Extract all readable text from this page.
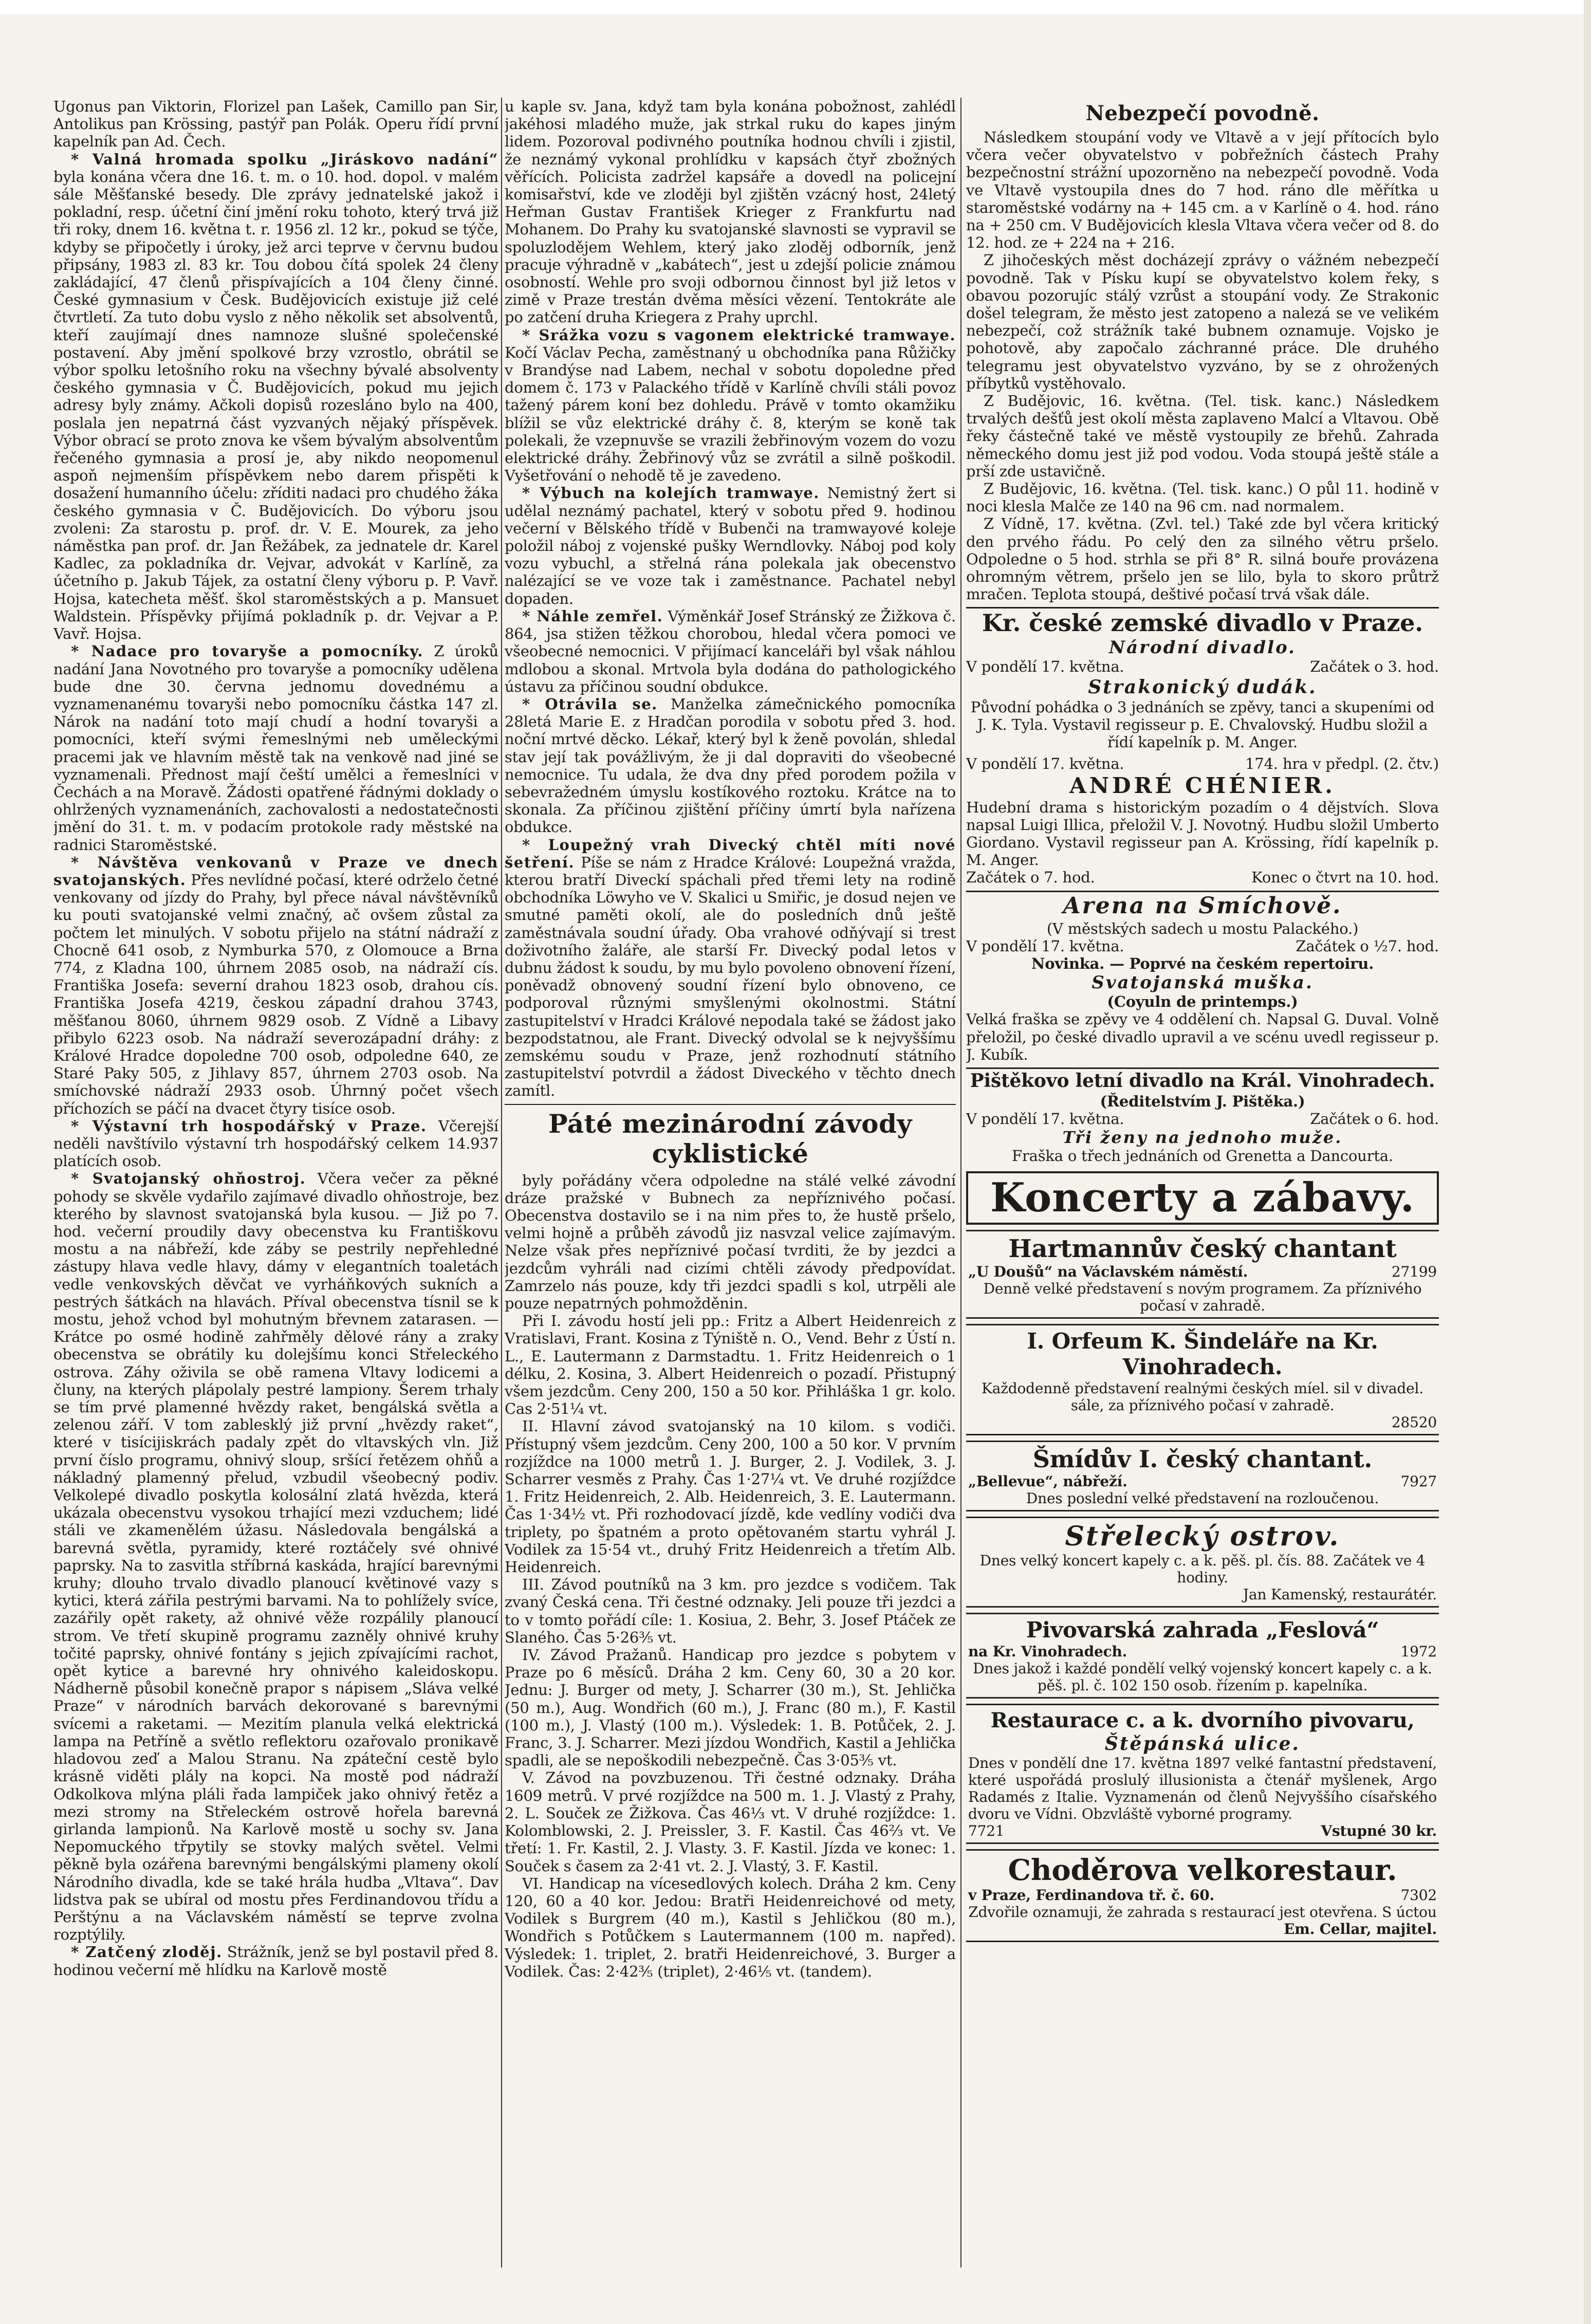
Ugonus pan Viktorin, Florizel pan Lašek, Camillo pan Sir, Antolikus pan Krössing, pastýř pan Polák. Operu řídí první kapelník pan Ad. Čech.

* Valná hromada spolku „Jiráskovo nadání“ byla konána včera dne 16. t. m. o 10. hod. dopol. v malém sále Měšťanské besedy. Dle zprávy jednatelské jakož i pokladní, resp. účetní činí jmění roku tohoto, který trvá již tři roky, dnem 16. května t. r. 1956 zl. 12 kr., pokud se týče, kdyby se připočetly i úroky, jež arci teprve v červnu budou připsány, 1983 zl. 83 kr. Tou dobou čítá spolek 24 členy zakládající, 47 členů přispívajících a 104 členy činné. České gymnasium v Česk. Budějovicích existuje již celé čtvrtletí. Za tuto dobu vyslo z něho několik set absolventů, kteří zaujímají dnes namnoze slušné společenské postavení. Aby jmění spolkové brzy vzrostlo, obrátil se výbor spolku letošního roku na všechny bývalé absolventy českého gymnasia v Č. Budějovicích, pokud mu jejich adresy byly známy. Ačkoli dopisů rozesláno bylo na 400, poslala jen nepatrná část vyzvaných nějaký příspěvek. Výbor obrací se proto znova ke všem bývalým absolventům řečeného gymnasia a prosí je, aby nikdo neopomenul aspoň nejmenším příspěvkem nebo darem přispěti k dosažení humanního účelu: zříditi nadaci pro chudého žáka českého gymnasia v Č. Budějovicích. Do výboru jsou zvoleni: Za starostu p. prof. dr. V. E. Mourek, za jeho náměstka pan prof. dr. Jan Řežábek, za jednatele dr. Karel Kadlec, za pokladníka dr. Vejvar, advokát v Karlíně, za účetního p. Jakub Tájek, za ostatní členy výboru p. P. Vavř. Hojsa, katecheta měšť. škol staroměstských a p. Mansuet Waldstein. Příspěvky přijímá pokladník p. dr. Vejvar a P. Vavř. Hojsa.

* Nadace pro tovaryše a pomocníky. Z úroků nadání Jana Novotného pro tovaryše a pomocníky udělena bude dne 30. června jednomu dovednému a vyznamenanému tovaryši nebo pomocníku částka 147 zl. Nárok na nadání toto mají chudí a hodní tovaryši a pomocníci, kteří svými řemeslnými neb uměleckými pracemi jak ve hlavním městě tak na venkově nad jiné se vyznamenali. Přednost mají čeští umělci a řemeslníci v Čechách a na Moravě. Žádosti opatřené řádnými doklady o ohlržených vyznamenáních, zachovalosti a nedostatečnosti jmění do 31. t. m. v podacím protokole rady městské na radnici Staroměstské.

* Návštěva venkovanů v Praze ve dnech svatojanských. Přes nevlídné počasí, které održelo četné venkovany od jízdy do Prahy, byl přece nával návštěvníků ku pouti svatojanské velmi značný, ač ovšem zůstal za počtem let minulých. V sobotu přijelo na státní nádraží z Chocně 641 osob, z Nymburka 570, z Olomouce a Brna 774, z Kladna 100, úhrnem 2085 osob, na nádraží cís. Františka Josefa: severní drahou 1823 osob, drahou cís. Františka Josefa 4219, českou západní drahou 3743, měšťanou 8060, úhrnem 9829 osob. Z Vídně a Libavy přibylo 6223 osob. Na nádraží severozápadní dráhy: z Králové Hradce dopoledne 700 osob, odpoledne 640, ze Staré Paky 505, z Jihlavy 857, úhrnem 2703 osob. Na smíchovské nádraží 2933 osob. Úhrnný počet všech příchozích se páčí na dvacet čtyry tisíce osob.

* Výstavní trh hospodářský v Praze. Včerejší neděli navštívilo výstavní trh hospodářský celkem 14.937 platících osob.

* Svatojanský ohňostroj. Včera večer za pěkné pohody se skvěle vydařilo zajímavé divadlo ohňostroje, bez kterého by slavnost svatojanská byla kusou. — Již po 7. hod. večerní proudily davy obecenstva ku Františkovu mostu a na nábřeží, kde záby se pestrily nepřehledné zástupy hlava vedle hlavy, dámy v elegantních toaletách vedle venkovských děvčat ve vyrháňkových sukních a pestrých šátkách na hlavách. Příval obecenstva tísnil se k mostu, jehož vchod byl mohutným břevnem zatarasen. — Krátce po osmé hodině zahřměly dělové rány a zraky obecenstva se obrátily ku dolejšímu konci Střeleckého ostrova. Záhy oživila se obě ramena Vltavy lodicemi a čluny, na kterých plápolaly pestré lampiony. Šerem trhaly se tím prvé plamenné hvězdy raket, bengálská světla a zelenou září. V tom zablesklý již první „hvězdy raket“, které v tisícijiskrách padaly zpět do vltavských vln. Již první číslo programu, ohnivý sloup, sršící řetězem ohňů a nákladný plamenný přelud, vzbudil všeobecný podiv. Velkolepé divadlo poskytla kolosální zlatá hvězda, která ukázala obecenstvu vysokou trhající mezi vzduchem; lidé stáli ve zkamenělém úžasu. Následovala bengálská a barevná světla, pyramidy, které roztáčely své ohnivé paprsky. Na to zasvitla stříbrná kaskáda, hrající barevnými kruhy; dlouho trvalo divadlo planoucí květinové vazy s kytici, která zářila pestrými barvami. Na to pohlížely svíce, zazářily opět rakety, až ohnivé věže rozpálily planoucí strom. Ve třetí skupině programu zazněly ohnivé kruhy točité paprsky, ohnivé fontány s jejich zpívajícími rachot, opět kytice a barevné hry ohnivého kaleidoskopu. Nádherně působil konečně prapor s nápisem „Sláva velké Praze“ v národních barvách dekorované s barevnými svícemi a raketami. — Mezitím planula velká elektrická lampa na Petříně a světlo reflektoru ozařovalo pronikavě hladovou zeď a Malou Stranu. Na zpáteční cestě bylo krásně viděti plály na kopci. Na mostě pod nádraží Odkolkova mlýna pláli řada lampiček jako ohnivý řetěz a mezi stromy na Střeleckém ostrově hořela barevná girlanda lampionů. Na Karlově mostě u sochy sv. Jana Nepomuckého třpytily se stovky malých světel. Velmi pěkně byla ozářena barevnými bengálskými plameny okolí Národního divadla, kde se také hrála hudba „Vltava“. Dav lidstva pak se ubíral od mostu přes Ferdinandovou třídu a Perštýnu a na Václavském náměstí se teprve zvolna rozptýlily.

* Zatčený zloděj. Strážník, jenž se byl postavil před 8. hodinou večerní mě hlídku na Karlově mostě

u kaple sv. Jana, když tam byla konána pobožnost, zahlédl jakéhosi mladého muže, jak strkal ruku do kapes jiným lidem. Pozoroval podivného poutníka hodnou chvíli i zjistil, že neznámý vykonal prohlídku v kapsách čtyř zbožných věřících. Policista zadržel kapsáře a dovedl na policejní komisařství, kde ve zloději byl zjištěn vzácný host, 24letý Heřman Gustav František Krieger z Frankfurtu nad Mohanem. Do Prahy ku svatojanské slavnosti se vypravil se spoluzlodějem Wehlem, který jako zloděj odborník, jenž pracuje výhradně v „kabátech“, jest u zdejší policie známou osobností. Wehle pro svoji odbornou činnost byl již letos v zimě v Praze trestán dvěma měsíci vězení. Tentokráte ale po zatčení druha Kriegera z Prahy uprchl.

* Srážka vozu s vagonem elektrické tramwaye. Kočí Václav Pecha, zaměstnaný u obchodníka pana Růžičky v Brandýse nad Labem, nechal v sobotu dopoledne před domem č. 173 v Palackého třídě v Karlíně chvíli stáli povoz tažený párem koní bez dohledu. Právě v tomto okamžiku blížil se vůz elektrické dráhy č. 8, kterým se koně tak polekali, že vzepnuvše se vrazili žebřinovým vozem do vozu elektrické dráhy. Žebřinový vůz se zvrátil a silně poškodil. Vyšetřování o nehodě tě je zavedeno.

* Výbuch na kolejích tramwaye. Nemistný žert si udělal neznámý pachatel, který v sobotu před 9. hodinou večerní v Bělského třídě v Bubenči na tramwayové koleje položil náboj z vojenské pušky Werndlovky. Náboj pod koly vozu vybuchl, a střelná rána polekala jak obecenstvo nalézající se ve voze tak i zaměstnance. Pachatel nebyl dopaden.

* Náhle zemřel. Výměnkář Josef Stránský ze Žižkova č. 864, jsa stižen těžkou chorobou, hledal včera pomoci ve všeobecné nemocnici. V přijímací kanceláři byl však náhlou mdlobou a skonal. Mrtvola byla dodána do pathologického ústavu za příčinou soudní obdukce.

* Otrávila se. Manželka zámečnického pomocníka 28letá Marie E. z Hradčan porodila v sobotu před 3. hod. noční mrtvé děcko. Lékař, který byl k ženě povolán, shledal stav její tak povážlivým, že ji dal dopraviti do všeobecné nemocnice. Tu udala, že dva dny před porodem požila v sebevražedném úmyslu kostíkového roztoku. Krátce na to skonala. Za příčinou zjištění příčiny úmrtí byla nařízena obdukce.

* Loupežný vrah Divecký chtěl míti nové šetření. Píše se nám z Hradce Králové: Loupežná vražda, kterou bratří Diveckí spáchali před třemi lety na rodině obchodníka Löwyho ve V. Skalici u Smiřic, je dosud nejen ve smutné paměti okolí, ale do posledních dnů ještě zaměstnávala soudní úřady. Oba vrahové odňývají si trest doživotního žaláře, ale starší Fr. Divecký podal letos v dubnu žádost k soudu, by mu bylo povoleno obnovení řízení, poněvadž obnovený soudní řízení bylo obnoveno, ce podporoval různými smyšlenými okolnostmi. Státní zastupitelství v Hradci Králové nepodala také se žádost jako bezpodstatnou, ale Frant. Divecký odvolal se k nejvyššímu zemskému soudu v Praze, jenž rozhodnutí státního zastupitelství potvrdil a žádost Diveckého v těchto dnech zamítl.

Páté mezinárodní závody cyklistické

byly pořádány včera odpoledne na stálé velké závodní dráze pražské v Bubnech za nepříznivého počasí. Obecenstva dostavilo se i na nim přes to, že hustě pršelo, velmi hojně a průběh závodů jiz nasvzal velice zajímavým. Nelze však přes nepříznivé počasí tvrditi, že by jezdci a jezdcům vyhráli nad cizími chtěli závody předpovídat. Zamrzelo nás pouze, kdy tři jezdci spadli s kol, utrpěli ale pouze nepatrných pohmožděnin.

Při I. závodu hostí jeli pp.: Fritz a Albert Heidenreich z Vratislavi, Frant. Kosina z Týniště n. O., Vend. Behr z Ústí n. L., E. Lautermann z Darmstadtu. 1. Fritz Heidenreich o 1 délku, 2. Kosina, 3. Albert Heidenreich o pozadí. Přistupný všem jezdcům. Ceny 200, 150 a 50 kor. Přihláška 1 gr. kolo. Cas 2·51¼ vt.

II. Hlavní závod svatojanský na 10 kilom. s vodiči. Přístupný všem jezdcům. Ceny 200, 100 a 50 kor. V prvním rozjíždce na 1000 metrů 1. J. Burger, 2. J. Vodilek, 3. J. Scharrer vesměs z Prahy. Čas 1·27¼ vt. Ve druhé rozjíždce 1. Fritz Heidenreich, 2. Alb. Heidenreich, 3. E. Lautermann. Čas 1·34½ vt. Při rozhodovací jízdě, kde vedlíny vodiči dva triplety, po špatném a proto opětovaném startu vyhrál J. Vodilek za 15·54 vt., druhý Fritz Heidenreich a třetím Alb. Heidenreich.

III. Závod poutníků na 3 km. pro jezdce s vodičem. Tak zvaný Česká cena. Tři čestné odznaky. Jeli pouze tři jezdci a to v tomto pořádí cíle: 1. Kosiua, 2. Behr, 3. Josef Ptáček ze Slaného. Čas 5·26⅗ vt.

IV. Závod Pražanů. Handicap pro jezdce s pobytem v Praze po 6 měsíců. Dráha 2 km. Ceny 60, 30 a 20 kor. Jednu: J. Burger od mety, J. Scharrer (30 m.), St. Jehlička (50 m.), Aug. Wondřich (60 m.), J. Franc (80 m.), F. Kastil (100 m.), J. Vlastý (100 m.). Výsledek: 1. B. Potůček, 2. J. Franc, 3. J. Scharrer. Mezi jízdou Wondřich, Kastil a Jehlička spadli, ale se nepoškodili nebezpečně. Čas 3·05⅗ vt.

V. Závod na povzbuzenou. Tři čestné odznaky. Dráha 1609 metrů. V prvé rozjíždce na 500 m. 1. J. Vlastý z Prahy, 2. L. Souček ze Žižkova. Čas 46⅓ vt. V druhé rozjíždce: 1. Kolomblowski, 2. J. Preissler, 3. F. Kastil. Čas 46⅔ vt. Ve třetí: 1. Fr. Kastil, 2. J. Vlasty. 3. F. Kastil. Jízda ve konec: 1. Souček s časem za 2·41 vt. 2. J. Vlastý, 3. F. Kastil.

VI. Handicap na vícesedlových kolech. Dráha 2 km. Ceny 120, 60 a 40 kor. Jedou: Bratři Heidenreichové od mety, Vodilek s Burgrem (40 m.), Kastil s Jehličkou (80 m.), Wondřich s Potůčkem s Lautermannem (100 m. napřed). Výsledek: 1. triplet, 2. bratři Heidenreichové, 3. Burger a Vodilek. Čas: 2·42⅗ (triplet), 2·46⅕ vt. (tandem).

Nebezpečí povodně.

Následkem stoupání vody ve Vltavě a v její přítocích bylo včera večer obyvatelstvo v pobřežních částech Prahy bezpečnostní strážní upozorněno na nebezpečí povodně. Voda ve Vltavě vystoupila dnes do 7 hod. ráno dle měřítka u staroměstské vodárny na + 145 cm. a v Karlíně o 4. hod. ráno na + 250 cm. V Budějovicích klesla Vltava včera večer od 8. do 12. hod. ze + 224 na + 216.

Z jihočeských měst docházejí zprávy o vážném nebezpečí povodně. Tak v Písku kupí se obyvatelstvo kolem řeky, s obavou pozorujíc stálý vzrůst a stoupání vody. Ze Strakonic došel telegram, že město jest zatopeno a nalezá se ve velikém nebezpečí, což strážník také bubnem oznamuje. Vojsko je pohotově, aby započalo záchranné práce. Dle druhého telegramu jest obyvatelstvo vyzváno, by se z ohrožených příbytků vystěhovalo.

Z Budějovic, 16. května. (Tel. tisk. kanc.) Následkem trvalých dešťů jest okolí města zaplaveno Malcí a Vltavou. Obě řeky částečně také ve městě vystoupily ze břehů. Zahrada německého domu jest již pod vodou. Voda stoupá ještě stále a prší zde ustavičně.

Z Budějovic, 16. května. (Tel. tisk. kanc.) O půl 11. hodině v noci klesla Malče ze 140 na 96 cm. nad normalem.

Z Vídně, 17. května. (Zvl. tel.) Také zde byl včera kritický den prvého řádu. Po celý den za silného větru pršelo. Odpoledne o 5 hod. strhla se při 8° R. silná bouře provázena ohromným větrem, pršelo jen se lilo, byla to skoro průtrž mračen. Teplota stoupá, deštivé počasí trvá však dále.

Kr. české zemské divadlo v Praze.
Národní divadlo.
V pondělí 17. května.	Začátek o 3. hod.
Strakonický dudák.

Původní pohádka o 3 jednáních se zpěvy, tanci a skupeními od J. K. Tyla. Vystavil regisseur p. E. Chvalovský. Hudbu složil a řídí kapelník p. M. Anger.

V pondělí 17. května.	174. hra v předpl. (2. čtv.)
ANDRÉ CHÉNIER.

Hudební drama s historickým pozadím o 4 dějstvích. Slova napsal Luigi Illica, přeložil V. J. Novotný. Hudbu složil Umberto Giordano. Vystavil regisseur pan A. Krössing, řídí kapelník p. M. Anger.

Začátek o 7. hod.	Konec o čtvrt na 10. hod.
Arena na Smíchově.
(V městských sadech u mostu Palackého.)
V pondělí 17. května.	Začátek o ½7. hod.
Novinka. — Poprvé na českém repertoiru.
Svatojanská muška.
(Coyuln de printemps.)

Velká fraška se zpěvy ve 4 oddělení ch. Napsal G. Duval. Volně přeložil, po české divadlo upravil a ve scénu uvedl regisseur p. J. Kubík.

Pištěkovo letní divadlo na Král. Vinohradech.
(Ředitelstvím J. Pištěka.)
V pondělí 17. května.	Začátek o 6. hod.
Tři ženy na jednoho muže.
Fraška o třech jednáních od Grenetta a Dancourta.
Koncerty a zábavy.
Hartmannův český chantant
„U Doušů“ na Václavském náměstí.	27199
Denně velké představení s novým programem. Za příznivého počasí v zahradě.
I. Orfeum K. Šindeláře na Kr. Vinohradech.
Každodenně představení realnými českých míel. sil v divadel. sále, za příznivého počasí v zahradě.
28520
Šmídův I. český chantant.
„Bellevue“, nábřeží.	7927
Dnes poslední velké představení na rozloučenou.
Střelecký ostrov.
Dnes velký koncert kapely c. a k. pěš. pl. čís. 88. Začátek ve 4 hodiny.
Jan Kamenský, restaurátér.
Pivovarská zahrada „Feslová“
na Kr. Vinohradech.	1972
Dnes jakož i každé pondělí velký vojenský koncert kapely c. a k. pěš. pl. č. 102 150 osob. řízením p. kapelníka.
Restaurace c. a k. dvorního pivovaru,
Štěpánská ulice.
Dnes v pondělí dne 17. května 1897 velké fantastní představení, které uspořádá proslulý illusionista a čtenář myšlenek, Argo Radamés z Italie. Vyznamenán od členů Nejvyššího císařského dvoru ve Vídni. Obzvláště vyborné programy.
7721	Vstupné 30 kr.
Choděrova velkorestaur.
v Praze, Ferdinandova tř. č. 60.	7302
Zdvořile oznamuji, že zahrada s restaurací jest otevřena. S úctou
Em. Cellar, majitel.
